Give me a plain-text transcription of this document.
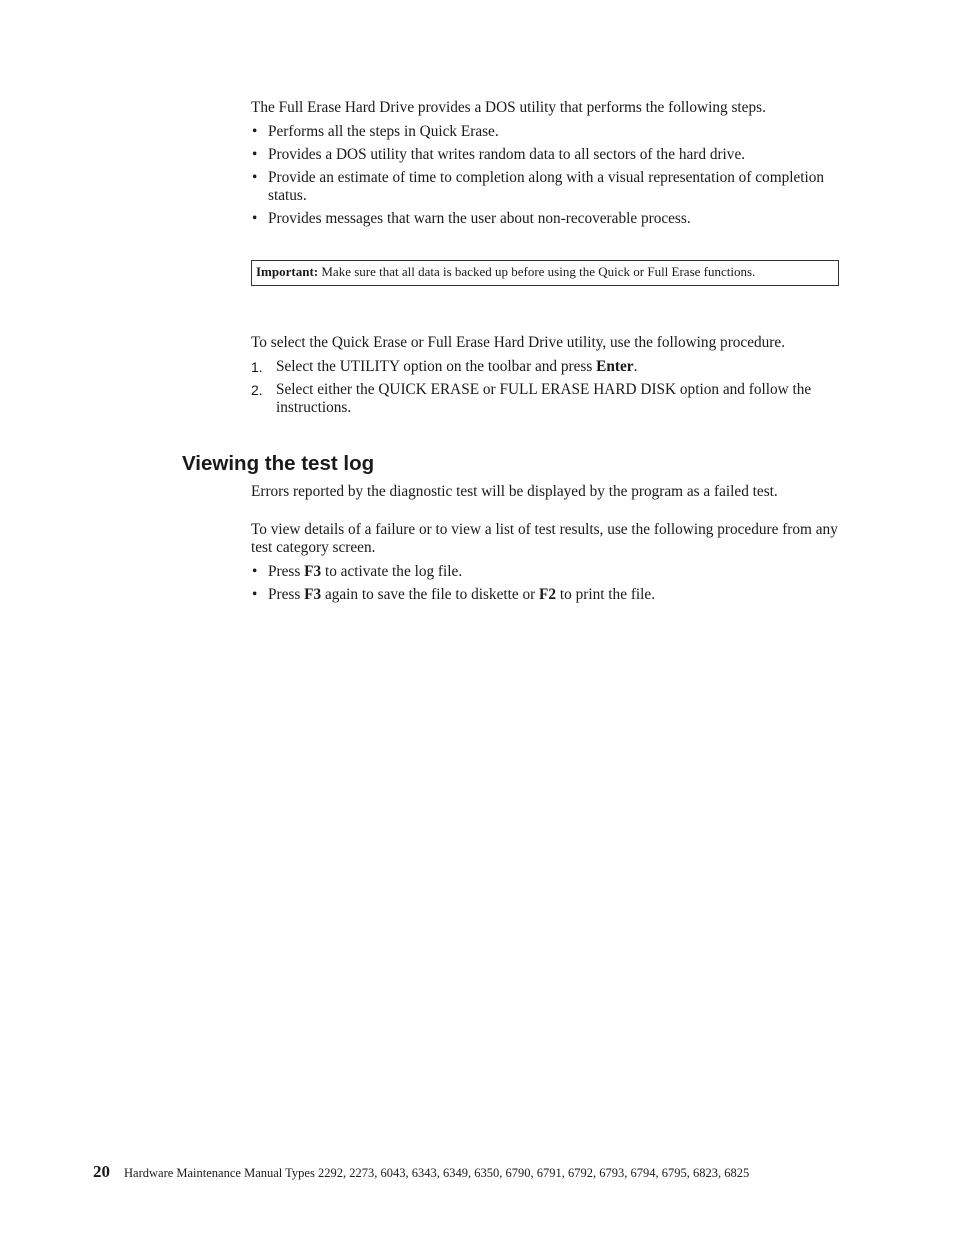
The Full Erase Hard Drive provides a DOS utility that performs the following steps.

• Performs all the steps in Quick Erase.

• Provides a DOS utility that writes random data to all sectors of the hard drive.

• Provide an estimate of time to completion along with a visual representation of completion status.

• Provides messages that warn the user about non-recoverable process.

Important: Make sure that all data is backed up before using the Quick or Full Erase functions.

To select the Quick Erase or Full Erase Hard Drive utility, use the following procedure.

1. Select the UTILITY option on the toolbar and press Enter.

2. Select either the QUICK ERASE or FULL ERASE HARD DISK option and follow the instructions.

Viewing the test log

Errors reported by the diagnostic test will be displayed by the program as a failed test.

To view details of a failure or to view a list of test results, use the following procedure from any test category screen.

• Press F3 to activate the log file.

• Press F3 again to save the file to diskette or F2 to print the file.

20 Hardware Maintenance Manual Types 2292, 2273, 6043, 6343, 6349, 6350, 6790, 6791, 6792, 6793, 6794, 6795, 6823, 6825
